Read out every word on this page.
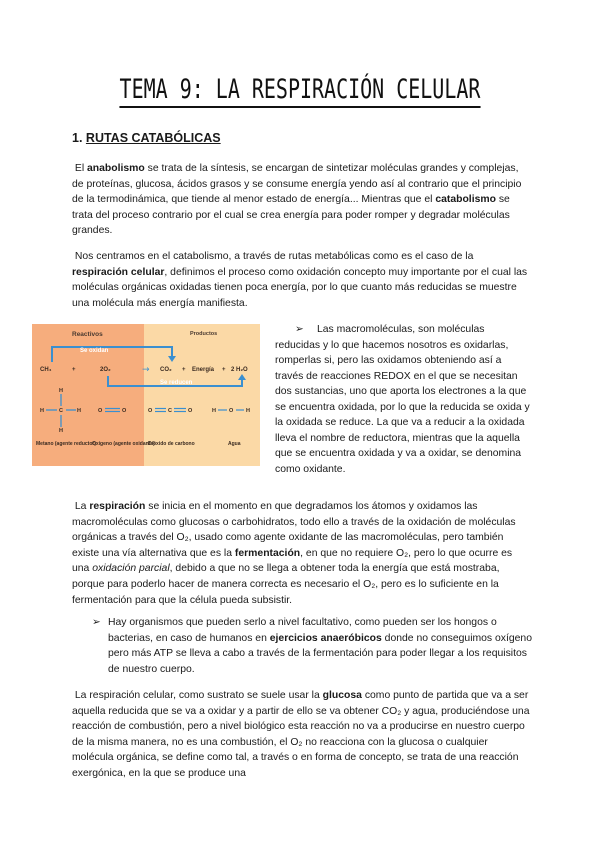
TEMA 9: LA RESPIRACIÓN CELULAR
1. RUTAS CATABÓLICAS

El anabolismo se trata de la síntesis, se encargan de sintetizar moléculas grandes y complejas, de proteínas, glucosa, ácidos grasos y se consume energía yendo así al contrario que el principio de la termodinámica, que tiende al menor estado de energía... Mientras que el catabolismo se trata del proceso contrario por el cual se crea energía para poder romper y degradar moléculas grandes.

Nos centramos en el catabolismo, a través de rutas metabólicas como es el caso de la respiración celular, definimos el proceso como oxidación concepto muy importante por el cual las moléculas orgánicas oxidadas tienen poca energía, por lo que cuanto más reducidas se muestre una molécula más energía manifiesta.

Reactivos	Productos
Se oxidan
CH₄	+	2O₂	→ CO₂ + Energía + 2 H₂O
Se reducen
H
C
H
H	H	O	O	O	C	O	H O H
Metano (agente reductor)
Oxígeno (agente oxidante)
Dióxido de carbono	Agua

➢ Las macromoléculas, son moléculas reducidas y lo que hacemos nosotros es oxidarlas, romperlas si, pero las oxidamos obteniendo así a través de reacciones REDOX en el que se necesitan dos sustancias, uno que aporta los electrones a la que se encuentra oxidada, por lo que la reducida se oxida y la oxidada se reduce. La que va a reducir a la oxidada lleva el nombre de reductora, mientras que la aquella que se encuentra oxidada y va a oxidar, se denomina como oxidante.

La respiración se inicia en el momento en que degradamos los átomos y oxidamos las macromoléculas como glucosas o carbohidratos, todo ello a través de la oxidación de moléculas orgánicas a través del O₂, usado como agente oxidante de las macromoléculas, pero también existe una vía alternativa que es la fermentación, en que no requiere O₂, pero lo que ocurre es una oxidación parcial, debido a que no se llega a obtener toda la energía que está mostraba, porque para poderlo hacer de manera correcta es necesario el O₂, pero es lo suficiente en la fermentación para que la célula pueda subsistir.

➢ Hay organismos que pueden serlo a nivel facultativo, como pueden ser los hongos o bacterias, en caso de humanos en ejercicios anaeróbicos donde no conseguimos oxígeno pero más ATP se lleva a cabo a través de la fermentación para poder llegar a los requisitos de nuestro cuerpo.

La respiración celular, como sustrato se suele usar la glucosa como punto de partida que va a ser aquella reducida que se va a oxidar y a partir de ello se va obtener CO₂ y agua, produciéndose una reacción de combustión, pero a nivel biológico esta reacción no va a producirse en nuestro cuerpo de la misma manera, no es una combustión, el O₂ no reacciona con la glucosa o cualquier molécula orgánica, se define como tal, a través o en forma de concepto, se trata de una reacción exergónica, en la que se produce una
